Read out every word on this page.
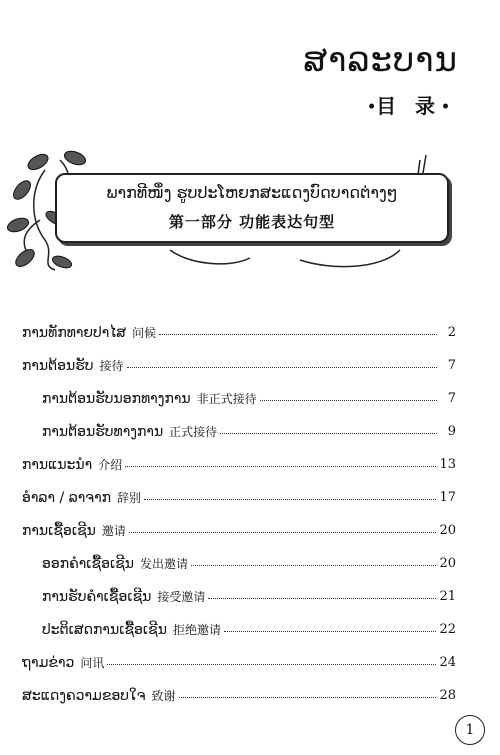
ສາລະບານ
•目 录•
ພາກທີໜຶ່ງ ຮູບປະໂຫຍກສະແດງບົດບາດຕ່າງໆ
第一部分 功能表达句型
ການທັກທາຍປາໄສ 问候	2
ການຕ້ອນຮັບ 接待	7
ການຕ້ອນຮັບນອກທາງການ 非正式接待	7
ການຕ້ອນຮັບທາງການ 正式接待	9
ການແນະນຳ 介绍	13
ອຳລາ / ລາຈາກ 辞别	17
ການເຊື້ອເຊີນ 邀请	20
ອອກຄຳເຊື້ອເຊີນ 发出邀请	20
ການຮັບຄຳເຊື້ອເຊີນ 接受邀请	21
ປະຕິເສດການເຊື້ອເຊີນ 拒绝邀请	22
ຖາມຂ່າວ 问讯	24
ສະແດງຄວາມຂອບໃຈ 致谢	28
1
